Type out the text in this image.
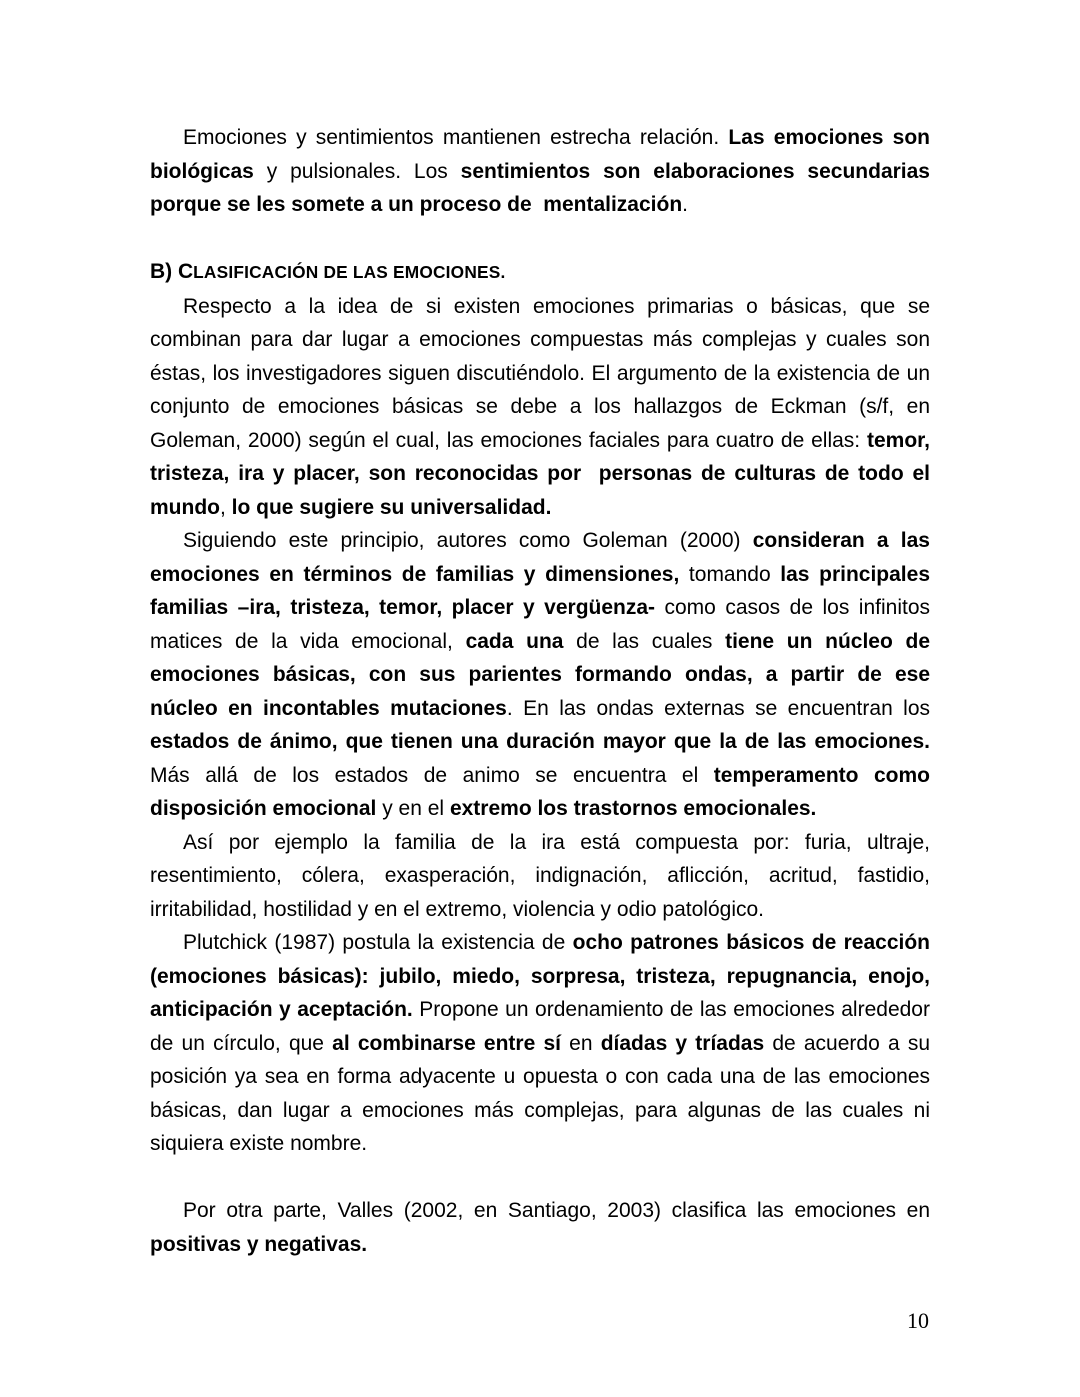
Emociones y sentimientos mantienen estrecha relación. Las emociones son biológicas y pulsionales. Los sentimientos son elaboraciones secundarias porque se les somete a un proceso de  mentalización.

B) CLASIFICACIÓN DE LAS EMOCIONES.

Respecto a la idea de si existen emociones primarias o básicas, que se combinan para dar lugar a emociones compuestas más complejas y cuales son éstas, los investigadores siguen discutiéndolo. El argumento de la existencia de un conjunto de emociones básicas se debe a los hallazgos de Eckman (s/f, en Goleman, 2000) según el cual, las emociones faciales para cuatro de ellas: temor, tristeza, ira y placer, son reconocidas por  personas de culturas de todo el mundo, lo que sugiere su universalidad.

Siguiendo este principio, autores como Goleman (2000) consideran a las emociones en términos de familias y dimensiones, tomando las principales familias –ira, tristeza, temor, placer y vergüenza- como casos de los infinitos matices de la vida emocional, cada una de las cuales tiene un núcleo de emociones básicas, con sus parientes formando ondas, a partir de ese núcleo en incontables mutaciones. En las ondas externas se encuentran los estados de ánimo, que tienen una duración mayor que la de las emociones. Más allá de los estados de animo se encuentra el temperamento como disposición emocional y en el extremo los trastornos emocionales.

Así por ejemplo la familia de la ira está compuesta por: furia, ultraje, resentimiento, cólera, exasperación, indignación, aflicción, acritud, fastidio, irritabilidad, hostilidad y en el extremo, violencia y odio patológico.

Plutchick (1987) postula la existencia de ocho patrones básicos de reacción (emociones básicas): jubilo, miedo, sorpresa, tristeza, repugnancia, enojo, anticipación y aceptación. Propone un ordenamiento de las emociones alrededor de un círculo, que al combinarse entre sí en díadas y tríadas de acuerdo a su posición ya sea en forma adyacente u opuesta o con cada una de las emociones básicas, dan lugar a emociones más complejas, para algunas de las cuales ni siquiera existe nombre.

Por otra parte, Valles (2002, en Santiago, 2003) clasifica las emociones en positivas y negativas.

10
